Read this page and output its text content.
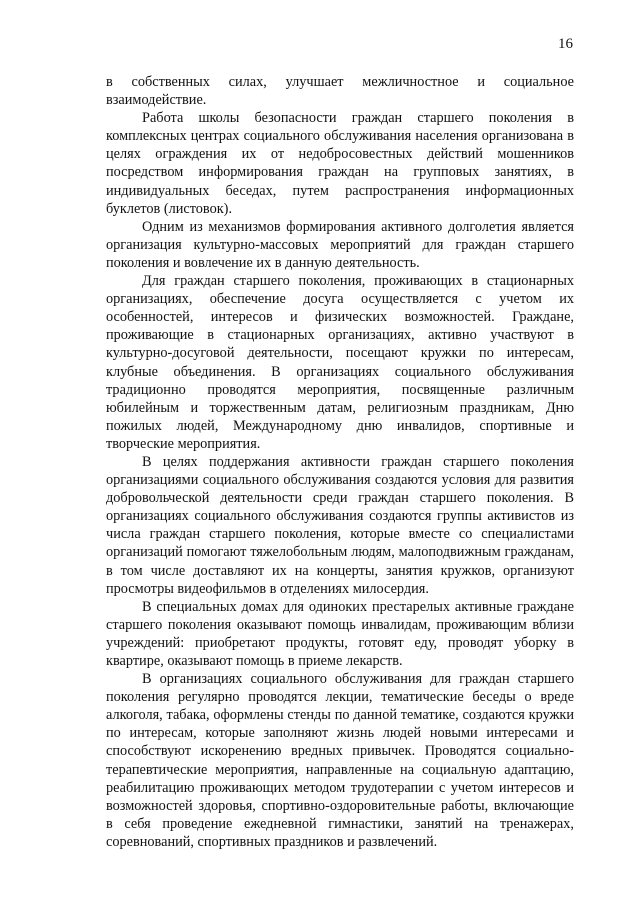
16

в собственных силах, улучшает межличностное и социальное взаимодействие.

Работа школы безопасности граждан старшего поколения в комплексных центрах социального обслуживания населения организована в целях ограждения их от недобросовестных действий мошенников посредством информирования граждан на групповых занятиях, в индивидуальных беседах, путем распространения информационных буклетов (листовок).

Одним из механизмов формирования активного долголетия является организация культурно-массовых мероприятий для граждан старшего поколения и вовлечение их в данную деятельность.

Для граждан старшего поколения, проживающих в стационарных организациях, обеспечение досуга осуществляется с учетом их особенностей, интересов и физических возможностей. Граждане, проживающие в стационарных организациях, активно участвуют в культурно-досуговой деятельности, посещают кружки по интересам, клубные объединения. В организациях социального обслуживания традиционно проводятся мероприятия, посвященные различным юбилейным и торжественным датам, религиозным праздникам, Дню пожилых людей, Международному дню инвалидов, спортивные и творческие мероприятия.

В целях поддержания активности граждан старшего поколения организациями социального обслуживания создаются условия для развития добровольческой деятельности среди граждан старшего поколения. В организациях социального обслуживания создаются группы активистов из числа граждан старшего поколения, которые вместе со специалистами организаций помогают тяжелобольным людям, малоподвижным гражданам, в том числе доставляют их на концерты, занятия кружков, организуют просмотры видеофильмов в отделениях милосердия.

В специальных домах для одиноких престарелых активные граждане старшего поколения оказывают помощь инвалидам, проживающим вблизи учреждений: приобретают продукты, готовят еду, проводят уборку в квартире, оказывают помощь в приеме лекарств.

В организациях социального обслуживания для граждан старшего поколения регулярно проводятся лекции, тематические беседы о вреде алкоголя, табака, оформлены стенды по данной тематике, создаются кружки по интересам, которые заполняют жизнь людей новыми интересами и способствуют искоренению вредных привычек. Проводятся социально-терапевтические мероприятия, направленные на социальную адаптацию, реабилитацию проживающих методом трудотерапии с учетом интересов и возможностей здоровья, спортивно-оздоровительные работы, включающие в себя проведение ежедневной гимнастики, занятий на тренажерах, соревнований, спортивных праздников и развлечений.
